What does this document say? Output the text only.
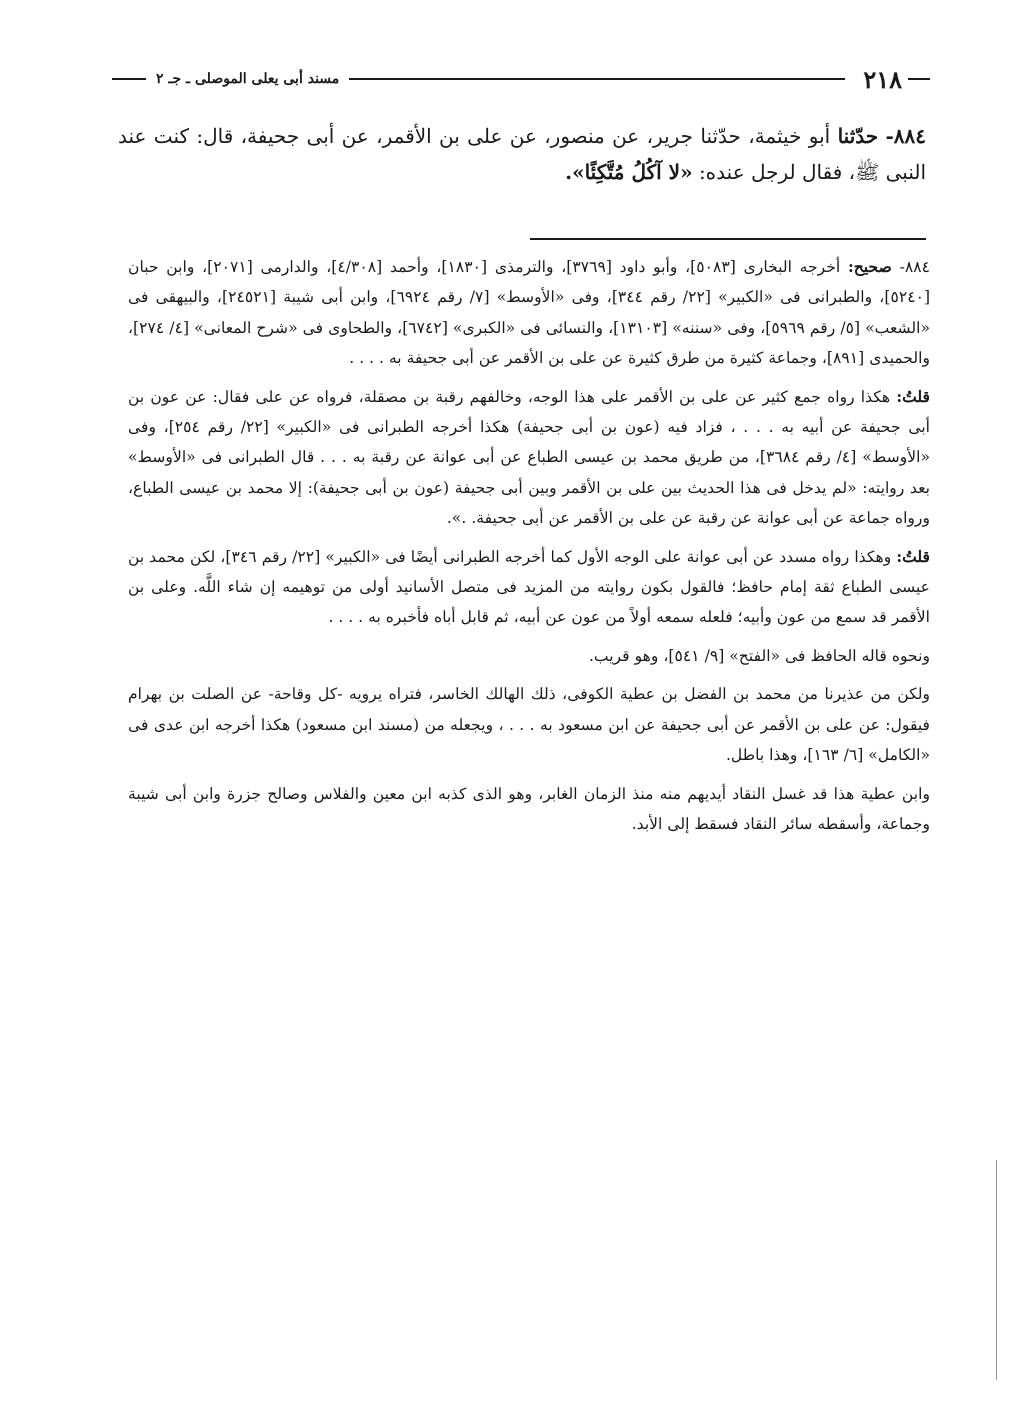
٢١٨
مسند أبى يعلى الموصلى ـ جـ ٢
٨٨٤- حدّثنا أبو خيثمة، حدّثنا جرير، عن منصور، عن على بن الأقمر، عن أبى جحيفة، قال: كنت عند النبى ﷺ، فقال لرجل عنده: «لا آكُلُ مُتَّكِئًا».

٨٨٤- صحيح: أخرجه البخارى [٥٠٨٣]، وأبو داود [٣٧٦٩]، والترمذى [١٨٣٠]، وأحمد [٤/٣٠٨]، والدارمى [٢٠٧١]، وابن حبان [٥٢٤٠]، والطبرانى فى «الكبير» [٢٢/ رقم ٣٤٤]، وفى «الأوسط» [٧/ رقم ٦٩٢٤]، وابن أبى شيبة [٢٤٥٢١]، والبيهقى فى «الشعب» [٥/ رقم ٥٩٦٩]، وفى «سننه» [١٣١٠٣]، والنسائى فى «الكبرى» [٦٧٤٢]، والطحاوى فى «شرح المعانى» [٤/ ٢٧٤]، والحميدى [٨٩١]، وجماعة كثيرة من طرق كثيرة عن على بن الأقمر عن أبى جحيفة به . . . .

قلتُ: هكذا رواه جمع كثير عن على بن الأقمر على هذا الوجه، وخالفهم رقبة بن مصقلة، فرواه عن على فقال: عن عون بن أبى جحيفة عن أبيه به . . . ، فزاد فيه (عون بن أبى جحيفة) هكذا أخرجه الطبرانى فى «الكبير» [٢٢/ رقم ٢٥٤]، وفى «الأوسط» [٤/ رقم ٣٦٨٤]، من طريق محمد بن عيسى الطباع عن أبى عوانة عن رقبة به . . . قال الطبرانى فى «الأوسط» بعد روايته: «لم يدخل فى هذا الحديث بين على بن الأقمر وبين أبى جحيفة (عون بن أبى جحيفة): إلا محمد بن عيسى الطباع، ورواه جماعة عن أبى عوانة عن رقبة عن على بن الأقمر عن أبى جحيفة. .».

قلتُ: وهكذا رواه مسدد عن أبى عوانة على الوجه الأول كما أخرجه الطبرانى أيضًا فى «الكبير» [٢٢/ رقم ٣٤٦]، لكن محمد بن عيسى الطباع ثقة إمام حافظ؛ فالقول بكون روايته من المزيد فى متصل الأسانيد أولى من توهيمه إن شاء اللَّه. وعلى بن الأقمر قد سمع من عون وأبيه؛ فلعله سمعه أولاً من عون عن أبيه، ثم قابل أباه فأخبره به . . . .

ونحوه قاله الحافظ فى «الفتح» [٩/ ٥٤١]، وهو قريب.

ولكن من عذيرنا من محمد بن الفضل بن عطية الكوفى، ذلك الهالك الخاسر، فتراه يرويه -كل وقاحة- عن الصلت بن بهرام فيقول: عن على بن الأقمر عن أبى جحيفة عن ابن مسعود به . . . ، ويجعله من (مسند ابن مسعود) هكذا أخرجه ابن عدى فى «الكامل» [٦/ ١٦٣]، وهذا باطل.

وابن عطية هذا قد غسل النقاد أيديهم منه منذ الزمان الغابر، وهو الذى كذبه ابن معين والفلاس وصالح جزرة وابن أبى شيبة وجماعة، وأسقطه سائر النقاد فسقط إلى الأبد.
